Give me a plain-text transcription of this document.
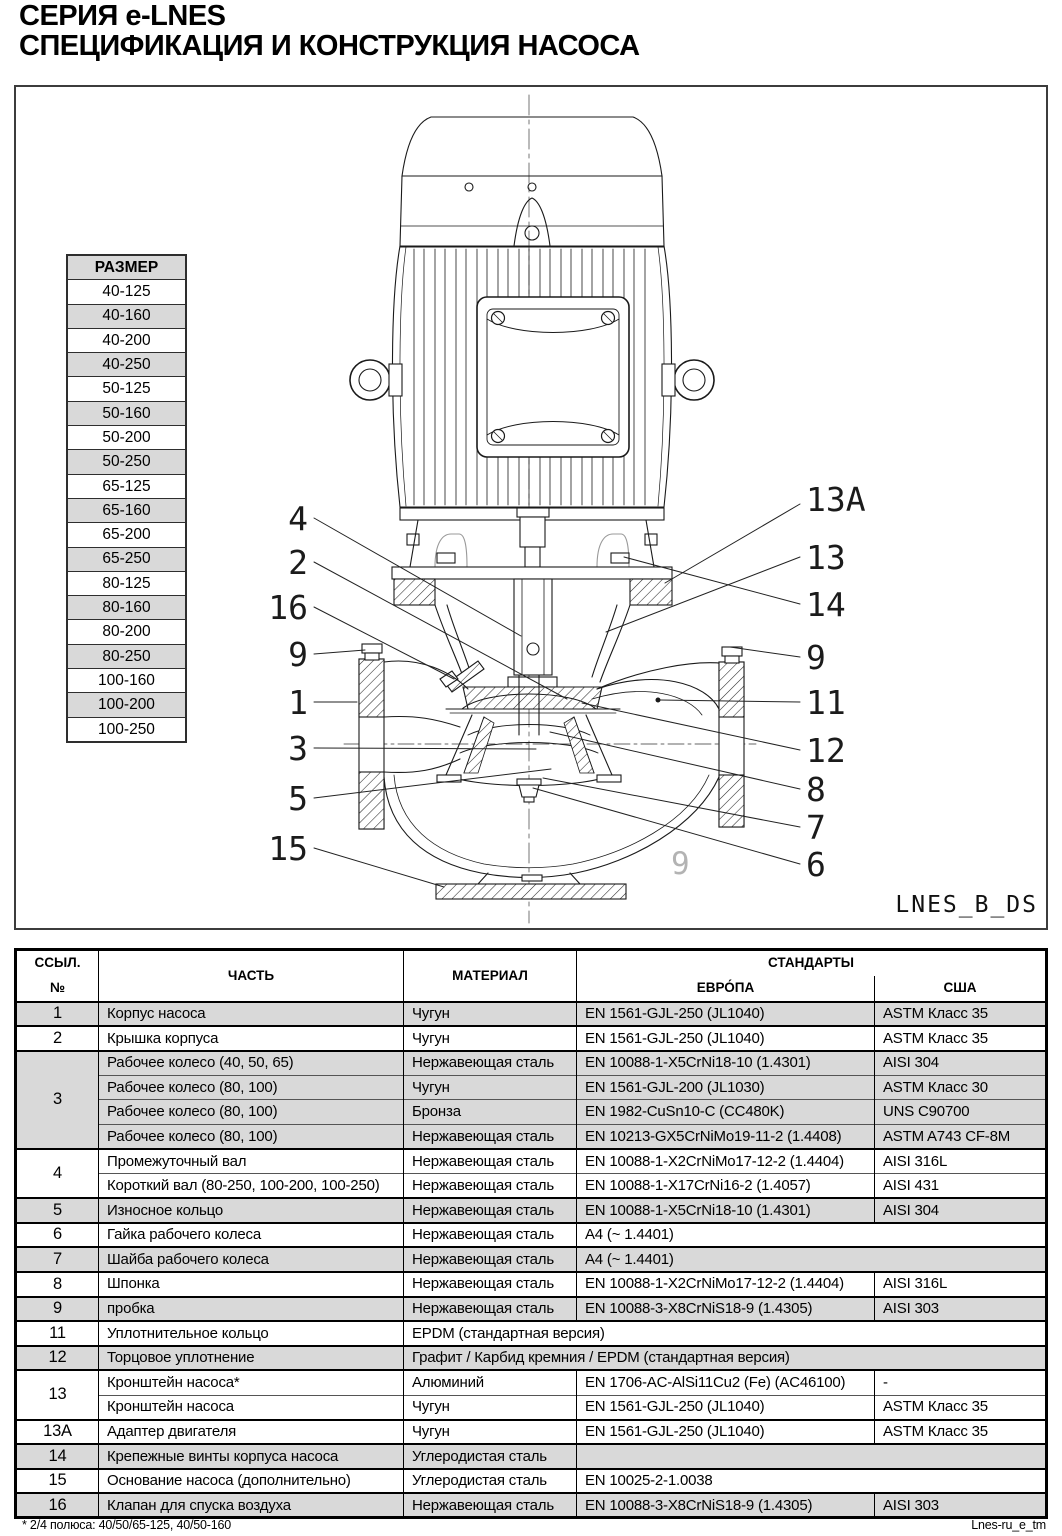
СЕРИЯ e-LNES
СПЕЦИФИКАЦИЯ И КОНСТРУКЦИЯ НАСОСА
4
2
16
9
1
3
5
15
13A
13
14
9
11
12
8
7
6
9
LNES_B_DS
РАЗМЕР
40-125
40-160
40-200
40-250
50-125
50-160
50-200
50-250
65-125
65-160
65-200
65-250
80-125
80-160
80-200
80-250
100-160
100-200
100-250
ССЫЛ.	ЧАСТЬ	МАТЕРИАЛ	СТАНДАРТЫ	
№			ЕВРО́ПА	США
1	Корпус насоса	Чугун	EN 1561-GJL-250 (JL1040)	ASTM Класс 35
2	Крышка корпуса	Чугун	EN 1561-GJL-250 (JL1040)	ASTM Класс 35
3	Рабочее колесо (40, 50, 65)	Нержавеющая сталь	EN 10088-1-X5CrNi18-10 (1.4301)	AISI 304
	Рабочее колесо (80, 100)	Чугун	EN 1561-GJL-200 (JL1030)	ASTM Класс 30
	Рабочее колесо (80, 100)	Бронза	EN 1982-CuSn10-C (CC480K)	UNS C90700
	Рабочее колесо (80, 100)	Нержавеющая сталь	EN 10213-GX5CrNiMo19-11-2 (1.4408)	ASTM A743 CF-8M
4	Промежуточный вал	Нержавеющая сталь	EN 10088-1-X2CrNiMo17-12-2 (1.4404)	AISI 316L
	Короткий вал (80-250, 100-200, 100-250)	Нержавеющая сталь	EN 10088-1-X17CrNi16-2 (1.4057)	AISI 431
5	Износное кольцо	Нержавеющая сталь	EN 10088-1-X5CrNi18-10 (1.4301)	AISI 304
6	Гайка рабочего колеса	Нержавеющая сталь	A4 (~ 1.4401)	
7	Шайба рабочего колеса	Нержавеющая сталь	A4 (~ 1.4401)	
8	Шпонка	Нержавеющая сталь	EN 10088-1-X2CrNiMo17-12-2 (1.4404)	AISI 316L
9	пробка	Нержавеющая сталь	EN 10088-3-X8CrNiS18-9 (1.4305)	AISI 303
11	Уплотнительное кольцо	EPDM (стандартная версия)		
12	Торцовое уплотнение	Графит / Карбид кремния / EPDM (стандартная версия)		
13	Кронштейн насоса*	Алюминий	EN 1706-AC-AlSi11Cu2 (Fe) (AC46100)	-
	Кронштейн насоса	Чугун	EN 1561-GJL-250 (JL1040)	ASTM Класс 35
13A	Адаптер двигателя	Чугун	EN 1561-GJL-250 (JL1040)	ASTM Класс 35
14	Крепежные винты корпуса насоса	Углеродистая сталь		
15	Основание насоса (дополнительно)	Углеродистая сталь	EN 10025-2-1.0038	
16	Клапан для спуска воздуха	Нержавеющая сталь	EN 10088-3-X8CrNiS18-9 (1.4305)	AISI 303
* 2/4 полюса: 40/50/65-125, 40/50-160	Lnes-ru_e_tm
